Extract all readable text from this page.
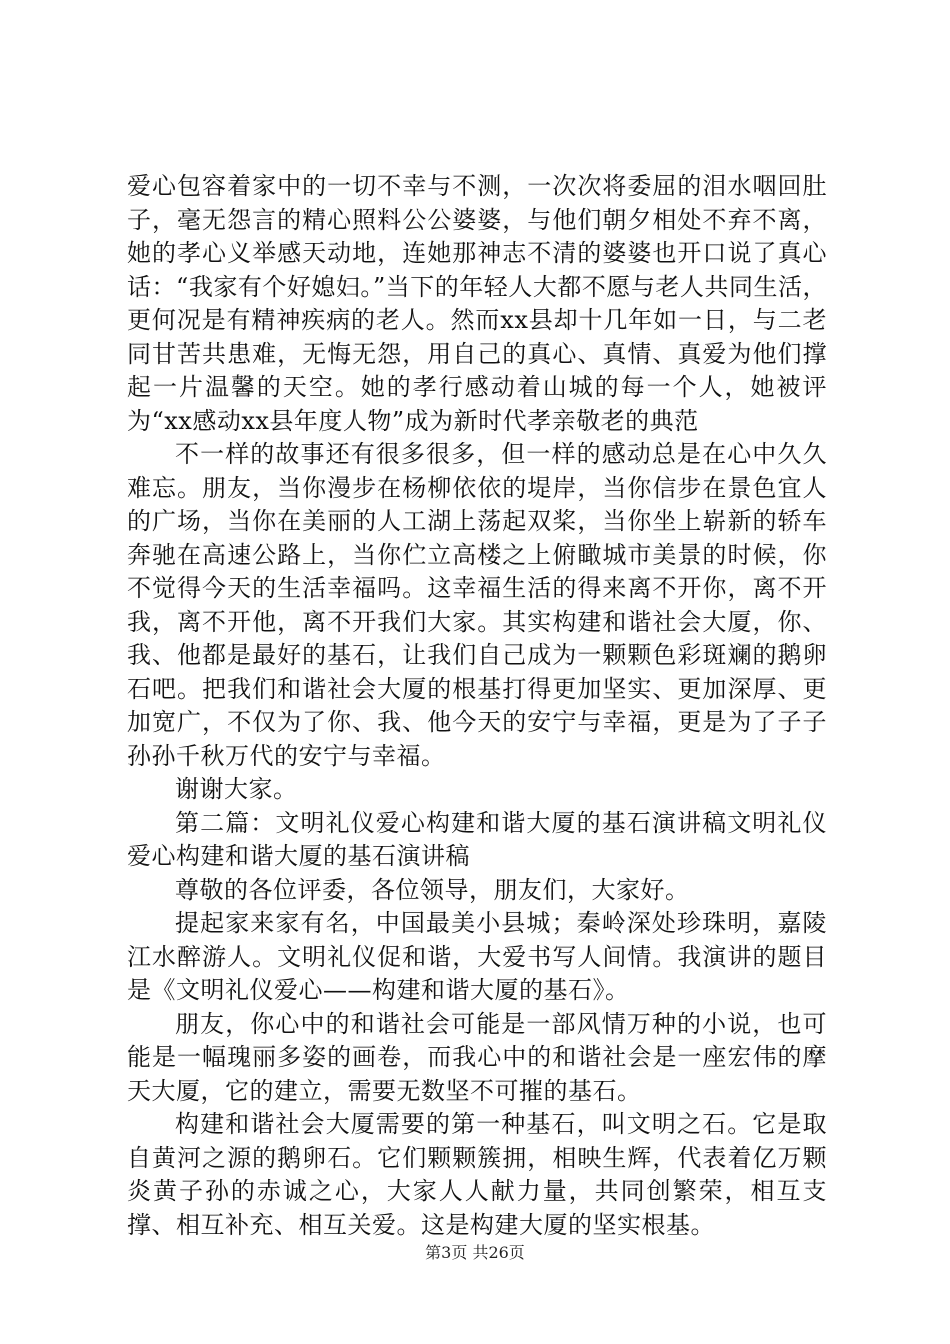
爱心包容着家中的一切不幸与不测，一次次将委屈的泪水咽回肚子，毫无怨言的精心照料公公婆婆，与他们朝夕相处不弃不离，她的孝心义举感天动地，连她那神志不清的婆婆也开口说了真心话：“我家有个好媳妇。”当下的年轻人大都不愿与老人共同生活，更何况是有精神疾病的老人。然而xx县却十几年如一日，与二老同甘苦共患难，无悔无怨，用自己的真心、真情、真爱为他们撑起一片温馨的天空。她的孝行感动着山城的每一个人，她被评为“xx感动xx县年度人物”成为新时代孝亲敬老的典范

不一样的故事还有很多很多，但一样的感动总是在心中久久难忘。朋友，当你漫步在杨柳依依的堤岸，当你信步在景色宜人的广场，当你在美丽的人工湖上荡起双桨，当你坐上崭新的轿车奔驰在高速公路上，当你伫立高楼之上俯瞰城市美景的时候，你不觉得今天的生活幸福吗。这幸福生活的得来离不开你，离不开我，离不开他，离不开我们大家。其实构建和谐社会大厦，你、我、他都是最好的基石，让我们自己成为一颗颗色彩斑斓的鹅卵石吧。把我们和谐社会大厦的根基打得更加坚实、更加深厚、更加宽广，不仅为了你、我、他今天的安宁与幸福，更是为了子子孙孙千秋万代的安宁与幸福。

谢谢大家。

第二篇：文明礼仪爱心构建和谐大厦的基石演讲稿文明礼仪爱心构建和谐大厦的基石演讲稿

尊敬的各位评委，各位领导，朋友们，大家好。

提起家来家有名，中国最美小县城；秦岭深处珍珠明，嘉陵江水醉游人。文明礼仪促和谐，大爱书写人间情。我演讲的题目是《文明礼仪爱心——构建和谐大厦的基石》。

朋友，你心中的和谐社会可能是一部风情万种的小说，也可能是一幅瑰丽多姿的画卷，而我心中的和谐社会是一座宏伟的摩天大厦，它的建立，需要无数坚不可摧的基石。

构建和谐社会大厦需要的第一种基石，叫文明之石。它是取自黄河之源的鹅卵石。它们颗颗簇拥，相映生辉，代表着亿万颗炎黄子孙的赤诚之心，大家人人献力量，共同创繁荣，相互支撑、相互补充、相互关爱。这是构建大厦的坚实根基。

第3页 共26页
